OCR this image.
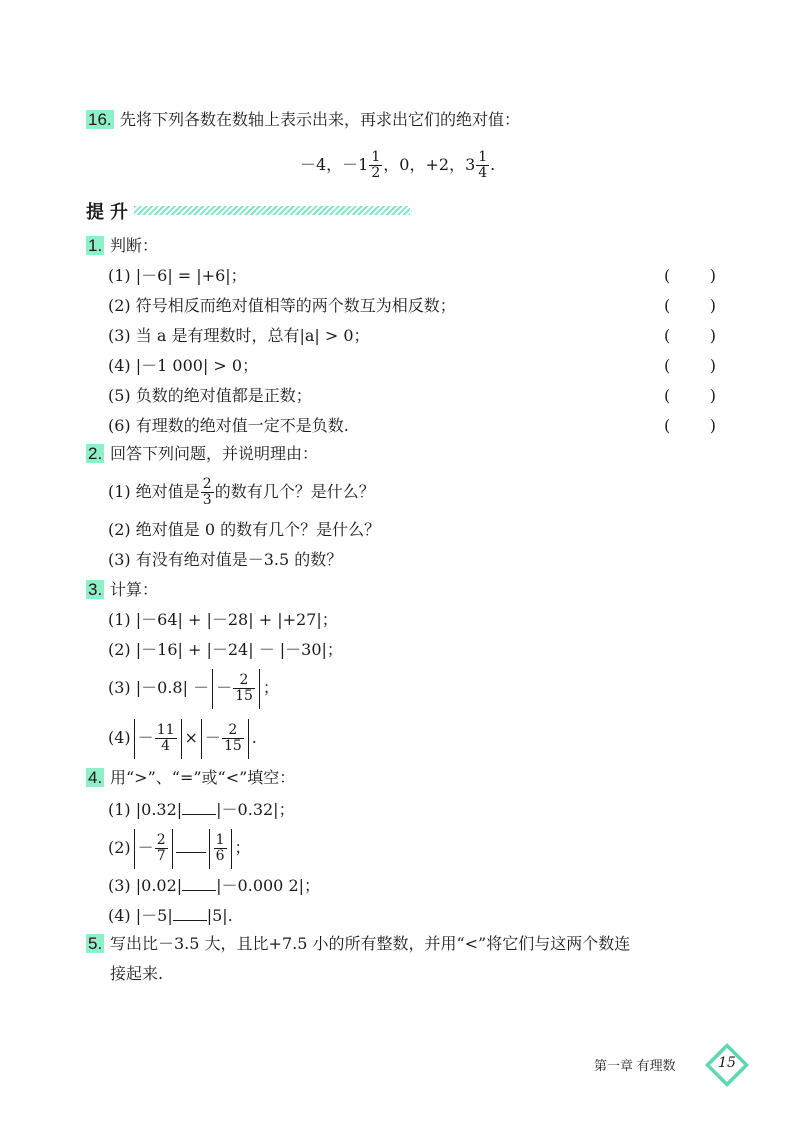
16. 先将下列各数在数轴上表示出来，再求出它们的绝对值：
－4，$-1 \frac{1}{2}$ ，0，+2，$3 \frac{1}{4}$ .
提升
1. 判断：
(1) |－6| = |+6|；	( )
(2) 符号相反而绝对值相等的两个数互为相反数；	( )
(3) 当 a 是有理数时，总有|a| > 0；	( )
(4) |－1 000| > 0；	( )
(5) 负数的绝对值都是正数；	( )
(6) 有理数的绝对值一定不是负数.	( )
2. 回答下列问题，并说明理由：
(1) 绝对值是 $\frac{2}{3}$ 的数有几个？是什么？
(2) 绝对值是 0 的数有几个？是什么？
(3) 有没有绝对值是－3.5 的数？
3. 计算：
(1) |－64| + |－28| + |+27|；
(2) |－16| + |－24| － |－30|；
(3) |－0.8| － － $\frac{2}{15}$ ；
$(4) - \frac{11}{4}$ × － $\frac{2}{15}$ .
4. 用“>”、“=”或“<”填空：
(1) |0.32| |－0.32|；
$(2) - \frac{2}{7}$	$\frac{1}{6}$ ；
(3) |0.02| |－0.000 2|；
(4) |－5| |5|.
5. 写出比－3.5 大，且比+7.5 小的所有整数，并用“<”将它们与这两个数连
接起来.
第一章 有理数	15
